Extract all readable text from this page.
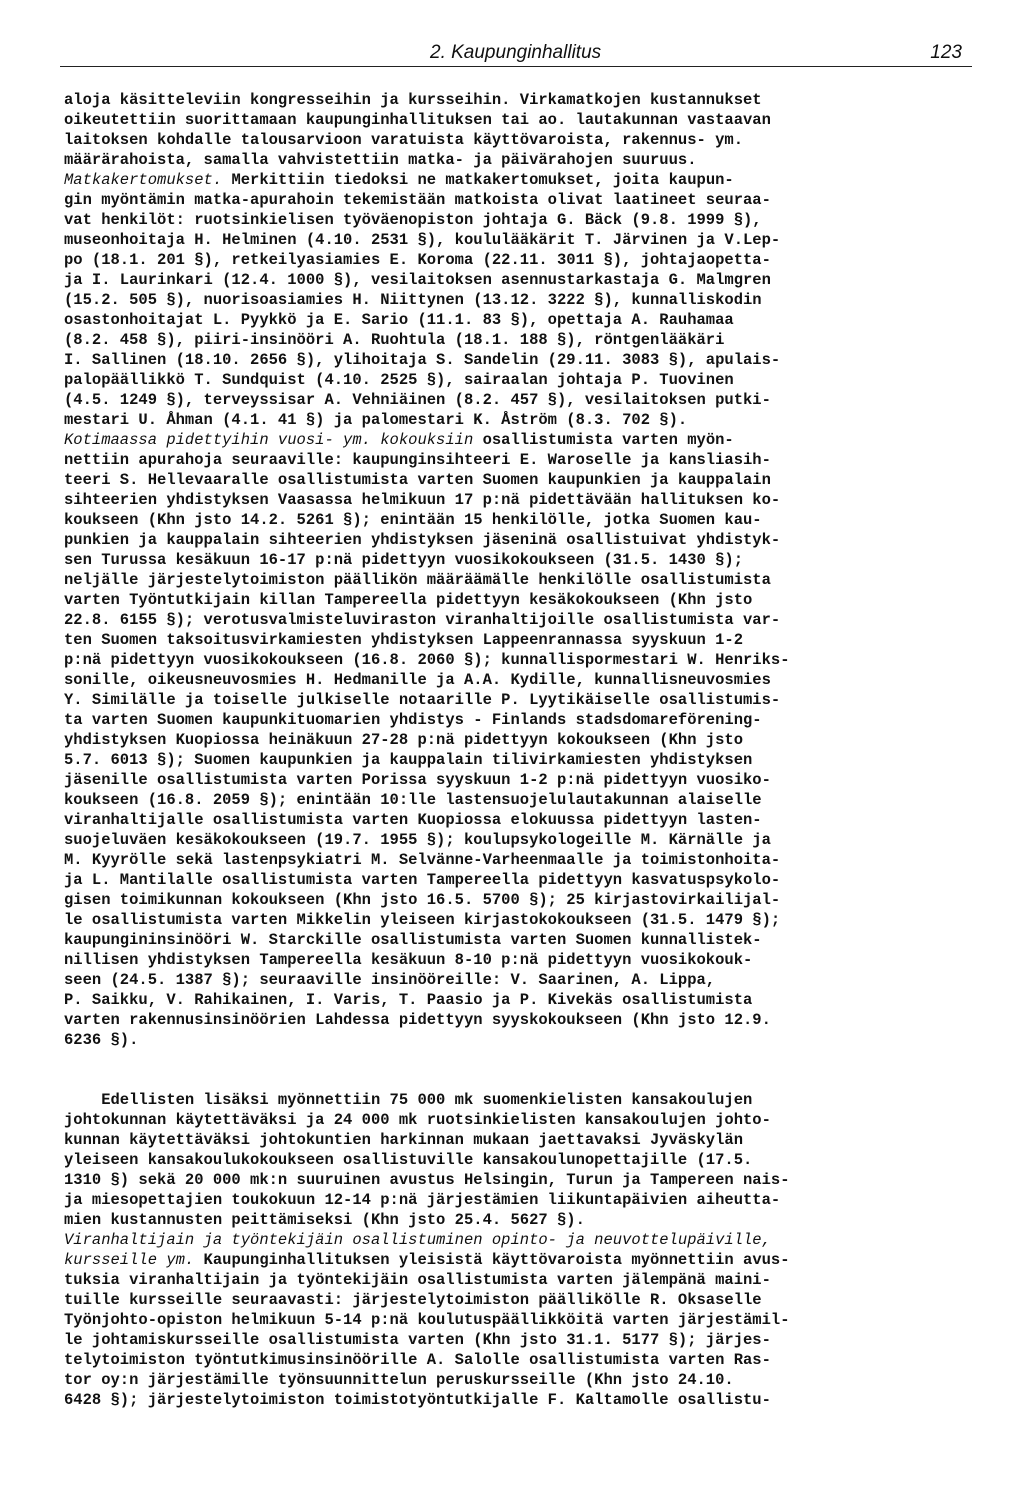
2. Kaupunginhallitus	123
aloja käsitteleviin kongresseihin ja kursseihin. Virkamatkojen kustannukset
oikeutettiin suorittamaan kaupunginhallituksen tai ao. lautakunnan vastaavan
laitoksen kohdalle talousarvioon varatuista käyttövaroista, rakennus- ym.
määrärahoista, samalla vahvistettiin matka- ja päivärahojen suuruus.
Matkakertomukset. Merkittiin tiedoksi ne matkakertomukset, joita kaupun-
gin myöntämin matka-apurahoin tekemistään matkoista olivat laatineet seuraa-
vat henkilöt: ruotsinkielisen työväenopiston johtaja G. Bäck (9.8. 1999 §),
museonhoitaja H. Helminen (4.10. 2531 §), koululääkärit T. Järvinen ja V.Lep-
po (18.1. 201 §), retkeilyasiamies E. Koroma (22.11. 3011 §), johtajaopetta-
ja I. Laurinkari (12.4. 1000 §), vesilaitoksen asennustarkastaja G. Malmgren
(15.2. 505 §), nuorisoasiamies H. Niittynen (13.12. 3222 §), kunnalliskodin
osastonhoitajat L. Pyykkö ja E. Sario (11.1. 83 §), opettaja A. Rauhamaa
(8.2. 458 §), piiri-insinööri A. Ruohtula (18.1. 188 §), röntgenlääkäri
I. Sallinen (18.10. 2656 §), ylihoitaja S. Sandelin (29.11. 3083 §), apulais-
palopäällikkö T. Sundquist (4.10. 2525 §), sairaalan johtaja P. Tuovinen
(4.5. 1249 §), terveyssisar A. Vehniäinen (8.2. 457 §), vesilaitoksen putki-
mestari U. Åhman (4.1. 41 §) ja palomestari K. Åström (8.3. 702 §).
Kotimaassa pidettyihin vuosi- ym. kokouksiin osallistumista varten myön-
nettiin apurahoja seuraaville: kaupunginsihteeri E. Waroselle ja kansliasih-
teeri S. Hellevaaralle osallistumista varten Suomen kaupunkien ja kauppalain
sihteerien yhdistyksen Vaasassa helmikuun 17 p:nä pidettävään hallituksen ko-
koukseen (Khn jsto 14.2. 5261 §); enintään 15 henkilölle, jotka Suomen kau-
punkien ja kauppalain sihteerien yhdistyksen jäseninä osallistuivat yhdistyk-
sen Turussa kesäkuun 16-17 p:nä pidettyyn vuosikokoukseen (31.5. 1430 §);
neljälle järjestelytoimiston päällikön määräämälle henkilölle osallistumista
varten Työntutkijain killan Tampereella pidettyyn kesäkokoukseen (Khn jsto
22.8. 6155 §); verotusvalmisteluviraston viranhaltijoille osallistumista var-
ten Suomen taksoitusvirkamiesten yhdistyksen Lappeenrannassa syyskuun 1-2
p:nä pidettyyn vuosikokoukseen (16.8. 2060 §); kunnallispormestari W. Henriks-
sonille, oikeusneuvosmies H. Hedmanille ja A.A. Kydille, kunnallisneuvosmies
Y. Similälle ja toiselle julkiselle notaarille P. Lyytikäiselle osallistumis-
ta varten Suomen kaupunkituomarien yhdistys - Finlands stadsdomareförening-
yhdistyksen Kuopiossa heinäkuun 27-28 p:nä pidettyyn kokoukseen (Khn jsto
5.7. 6013 §); Suomen kaupunkien ja kauppalain tilivirkamiesten yhdistyksen
jäsenille osallistumista varten Porissa syyskuun 1-2 p:nä pidettyyn vuosiko-
koukseen (16.8. 2059 §); enintään 10:lle lastensuojelulautakunnan alaiselle
viranhaltijalle osallistumista varten Kuopiossa elokuussa pidettyyn lasten-
suojeluväen kesäkokoukseen (19.7. 1955 §); koulupsykologeille M. Kärnälle ja
M. Kyyrölle sekä lastenpsykiatri M. Selvänne-Varheenmaalle ja toimistonhoita-
ja L. Mantilalle osallistumista varten Tampereella pidettyyn kasvatuspsykolo-
gisen toimikunnan kokoukseen (Khn jsto 16.5. 5700 §); 25 kirjastovirkailijal-
le osallistumista varten Mikkelin yleiseen kirjastokokoukseen (31.5. 1479 §);
kaupungininsinööri W. Starckille osallistumista varten Suomen kunnallistek-
nillisen yhdistyksen Tampereella kesäkuun 8-10 p:nä pidettyyn vuosikokouk-
seen (24.5. 1387 §); seuraaville insinööreille: V. Saarinen, A. Lippa,
P. Saikku, V. Rahikainen, I. Varis, T. Paasio ja P. Kivekäs osallistumista
varten rakennusinsinöörien Lahdessa pidettyyn syyskokoukseen (Khn jsto 12.9.
6236 §).
Edellisten lisäksi myönnettiin 75 000 mk suomenkielisten kansakoulujen
johtokunnan käytettäväksi ja 24 000 mk ruotsinkielisten kansakoulujen johto-
kunnan käytettäväksi johtokuntien harkinnan mukaan jaettavaksi Jyväskylän
yleiseen kansakoulukokoukseen osallistuville kansakoulunopettajille (17.5.
1310 §) sekä 20 000 mk:n suuruinen avustus Helsingin, Turun ja Tampereen nais-
ja miesopettajien toukokuun 12-14 p:nä järjestämien liikuntapäivien aiheutta-
mien kustannusten peittämiseksi (Khn jsto 25.4. 5627 §).
Viranhaltijain ja työntekijäin osallistuminen opinto- ja neuvottelupäiville,
kursseille ym. Kaupunginhallituksen yleisistä käyttövaroista myönnettiin avus-
tuksia viranhaltijain ja työntekijäin osallistumista varten jälempänä maini-
tuille kursseille seuraavasti: järjestelytoimiston päällikölle R. Oksaselle
Työnjohto-opiston helmikuun 5-14 p:nä koulutuspäällikköitä varten järjestämil-
le johtamiskursseille osallistumista varten (Khn jsto 31.1. 5177 §); järjes-
telytoimiston työntutkimusinsinöörille A. Salolle osallistumista varten Ras-
tor oy:n järjestämille työnsuunnittelun peruskursseille (Khn jsto 24.10.
6428 §); järjestelytoimiston toimistotyöntutkijalle F. Kaltamolle osallistu-
